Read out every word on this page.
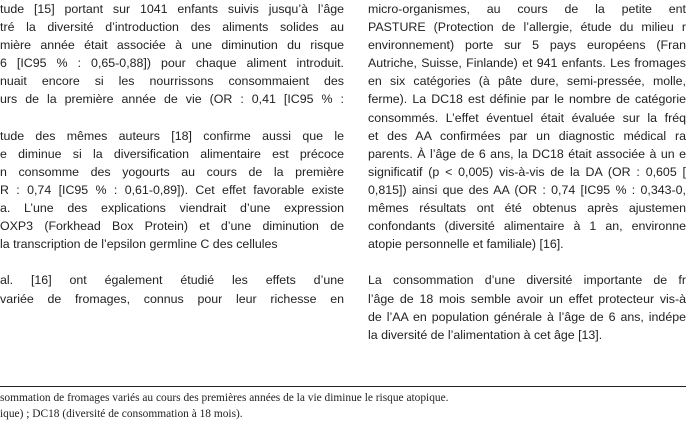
tude [15] portant sur 1041 enfants suivis jusqu’à l’âge
tré la diversité d’introduction des aliments solides au
mière année était associée à une diminution du risque
6 [IC95 % : 0,65-0,88]) pour chaque aliment introduit.
nuait encore si les nourrissons consommaient des
urs de la première année de vie (OR : 0,41 [IC95 % :
tude des mêmes auteurs [18] confirme aussi que le
e diminue si la diversification alimentaire est précoce
n consomme des yogourts au cours de la première
R : 0,74 [IC95 % : 0,61-0,89]). Cet effet favorable existe
a. L’une des explications viendrait d’une expression
OXP3 (Forkhead Box Protein) et d’une diminution de
la transcription de l’epsilon germline C des cellules
al. [16] ont également étudié les effets d’une
variée de fromages, connus pour leur richesse en
micro-organismes, au cours de la petite ent
PASTURE (Protection de l’allergie, étude du milieu r
environnement) porte sur 5 pays européens (Fran
Autriche, Suisse, Finlande) et 941 enfants. Les fromages
en six catégories (à pâte dure, semi-pressée, molle,
ferme). La DC18 est définie par le nombre de catégorie
consommés. L’effet éventuel était évaluée sur la fréq
et des AA confirmées par un diagnostic médical ra
parents. À l’âge de 6 ans, la DC18 était associée à un e
significatif (p < 0,005) vis-à-vis de la DA (OR : 0,605 [
0,815]) ainsi que des AA (OR : 0,74 [IC95 % : 0,343-0,
mêmes résultats ont été obtenus après ajustemen
confondants (diversité alimentaire à 1 an, environne
atopie personnelle et familiale) [16].
La consommation d’une diversité importante de fr
l’âge de 18 mois semble avoir un effet protecteur vis-à
de l’AA en population générale à l’âge de 6 ans, indépe
la diversité de l’alimentation à cet âge [13].
sommation de fromages variés au cours des premières années de la vie diminue le risque atopique.
ique) ; DC18 (diversité de consommation à 18 mois).
